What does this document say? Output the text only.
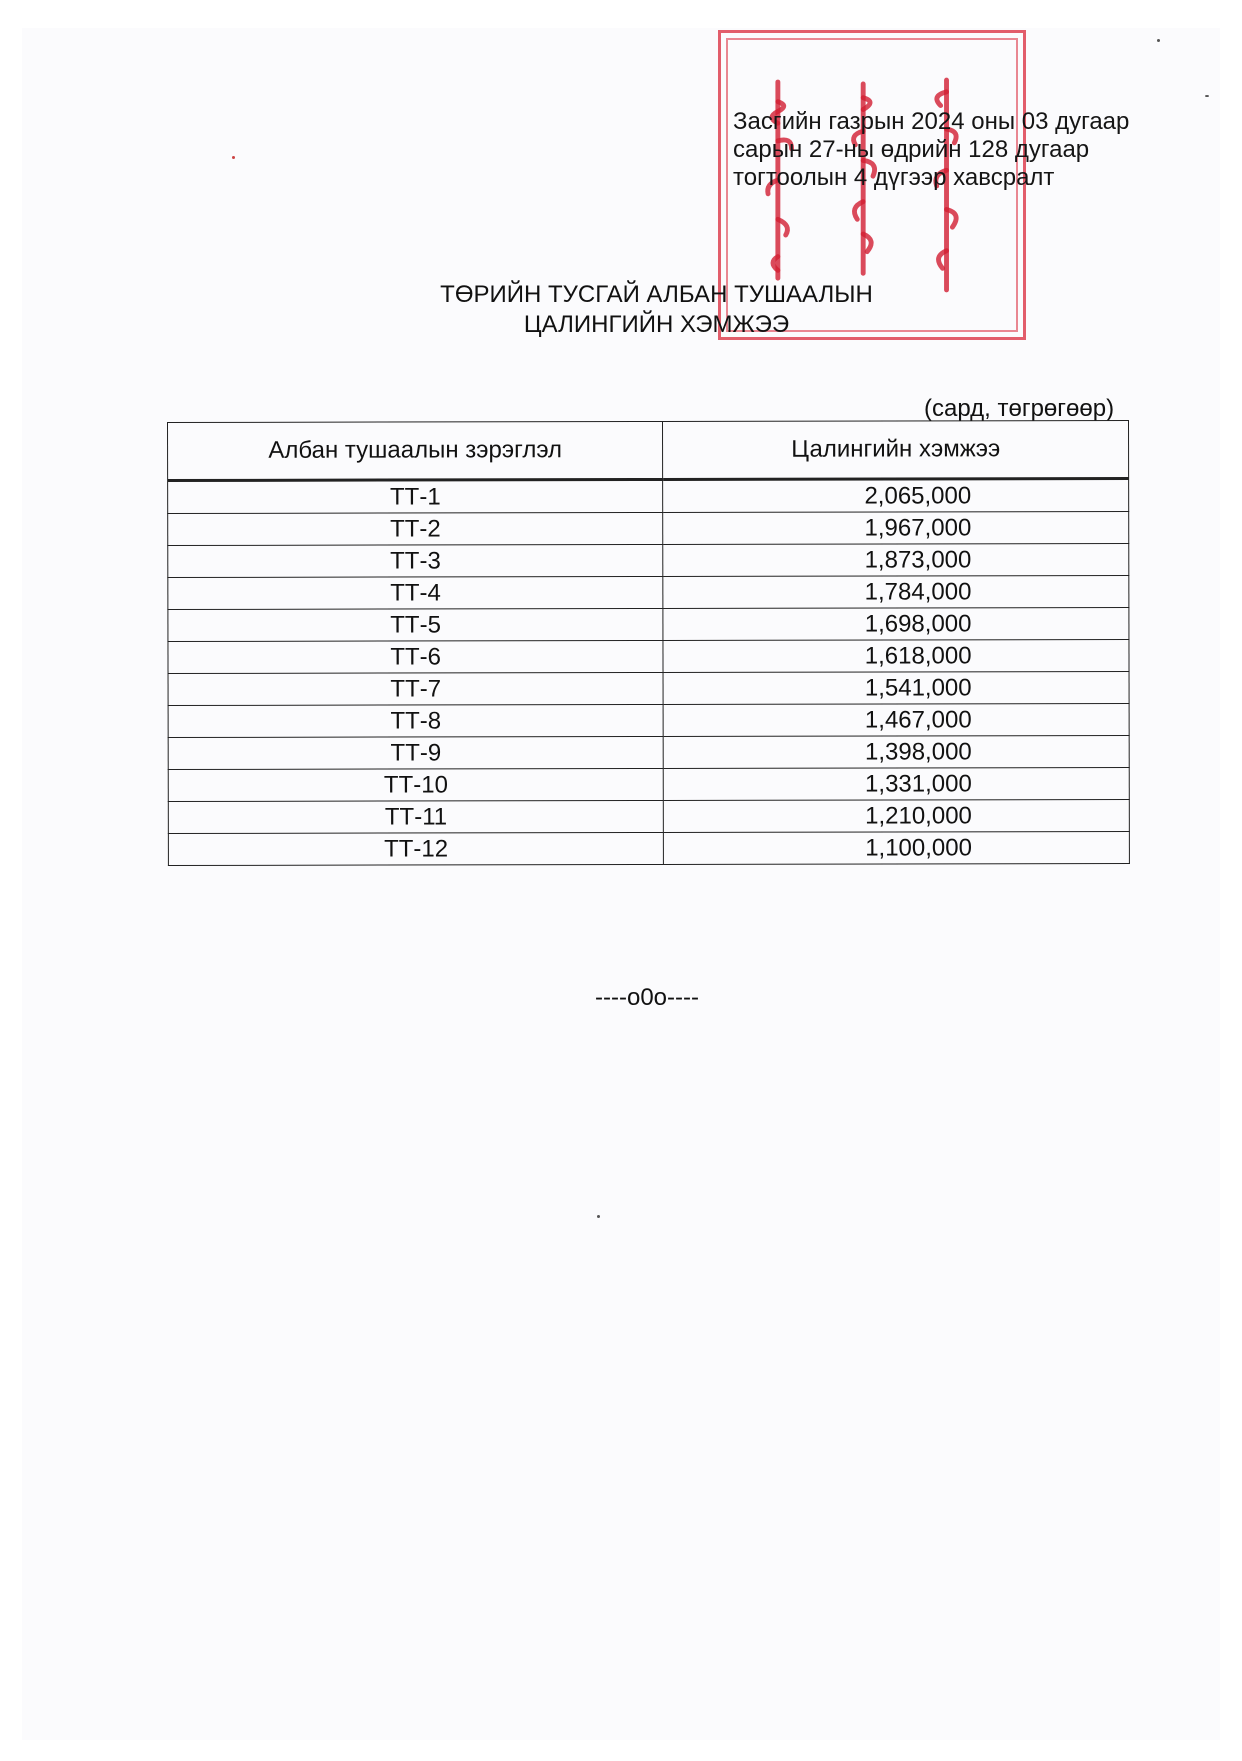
Засгийн газрын 2024 оны 03 дугаар
сарын 27-ны өдрийн 128 дугаар
тогтоолын 4 дүгээр хавсралт
ТӨРИЙН ТУСГАЙ АЛБАН ТУШААЛЫН
ЦАЛИНГИЙН ХЭМЖЭЭ
(сард, төгрөгөөр)
Албан тушаалын зэрэглэл	Цалингийн хэмжээ
ТТ-1	2,065,000
ТТ-2	1,967,000
ТТ-3	1,873,000
ТТ-4	1,784,000
ТТ-5	1,698,000
ТТ-6	1,618,000
ТТ-7	1,541,000
ТТ-8	1,467,000
ТТ-9	1,398,000
ТТ-10	1,331,000
ТТ-11	1,210,000
ТТ-12	1,100,000
----o0o----
